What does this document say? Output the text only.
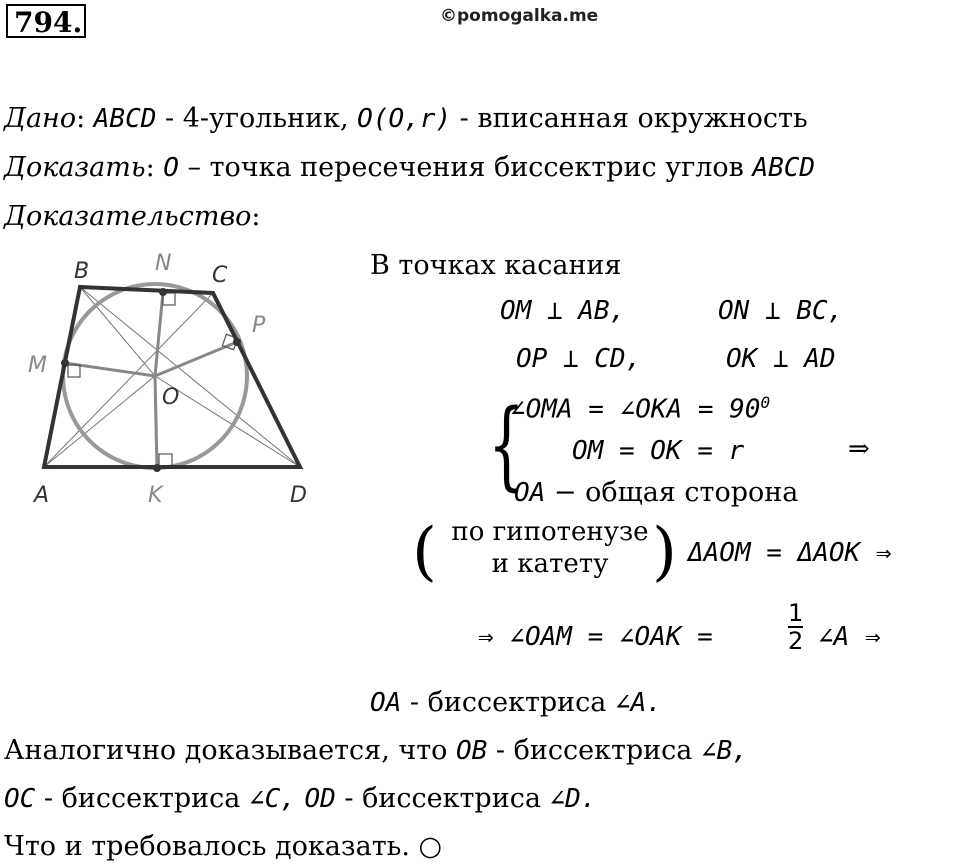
794.	©pomogalka.me
Дано: ABCD - 4-угольник, O(O,r) - вписанная окружность
Доказать: O – точка пересечения биссектрис углов ABCD
Доказательство:
B	N C
P
M
O
A	K	D
В точках касания
OM ⊥ AB,	ON ⊥ BC,
OP ⊥ CD,	OK ⊥ AD
{
∠OMA = ∠OKA = $90^0$
OM = OK = r	⇒
OA − общая сторона
( по гипотенузе
и катету ) ΔAOM = ΔAOK ⇒
⇒ ∠OAM = ∠OAK =	$\frac{1}{2}$ ∠A ⇒
OA - биссектриса ∠A.
Аналогично доказывается, что OB - биссектриса ∠B,
OC - биссектриса ∠C, OD - биссектриса ∠D.
Что и требовалось доказать. ○
